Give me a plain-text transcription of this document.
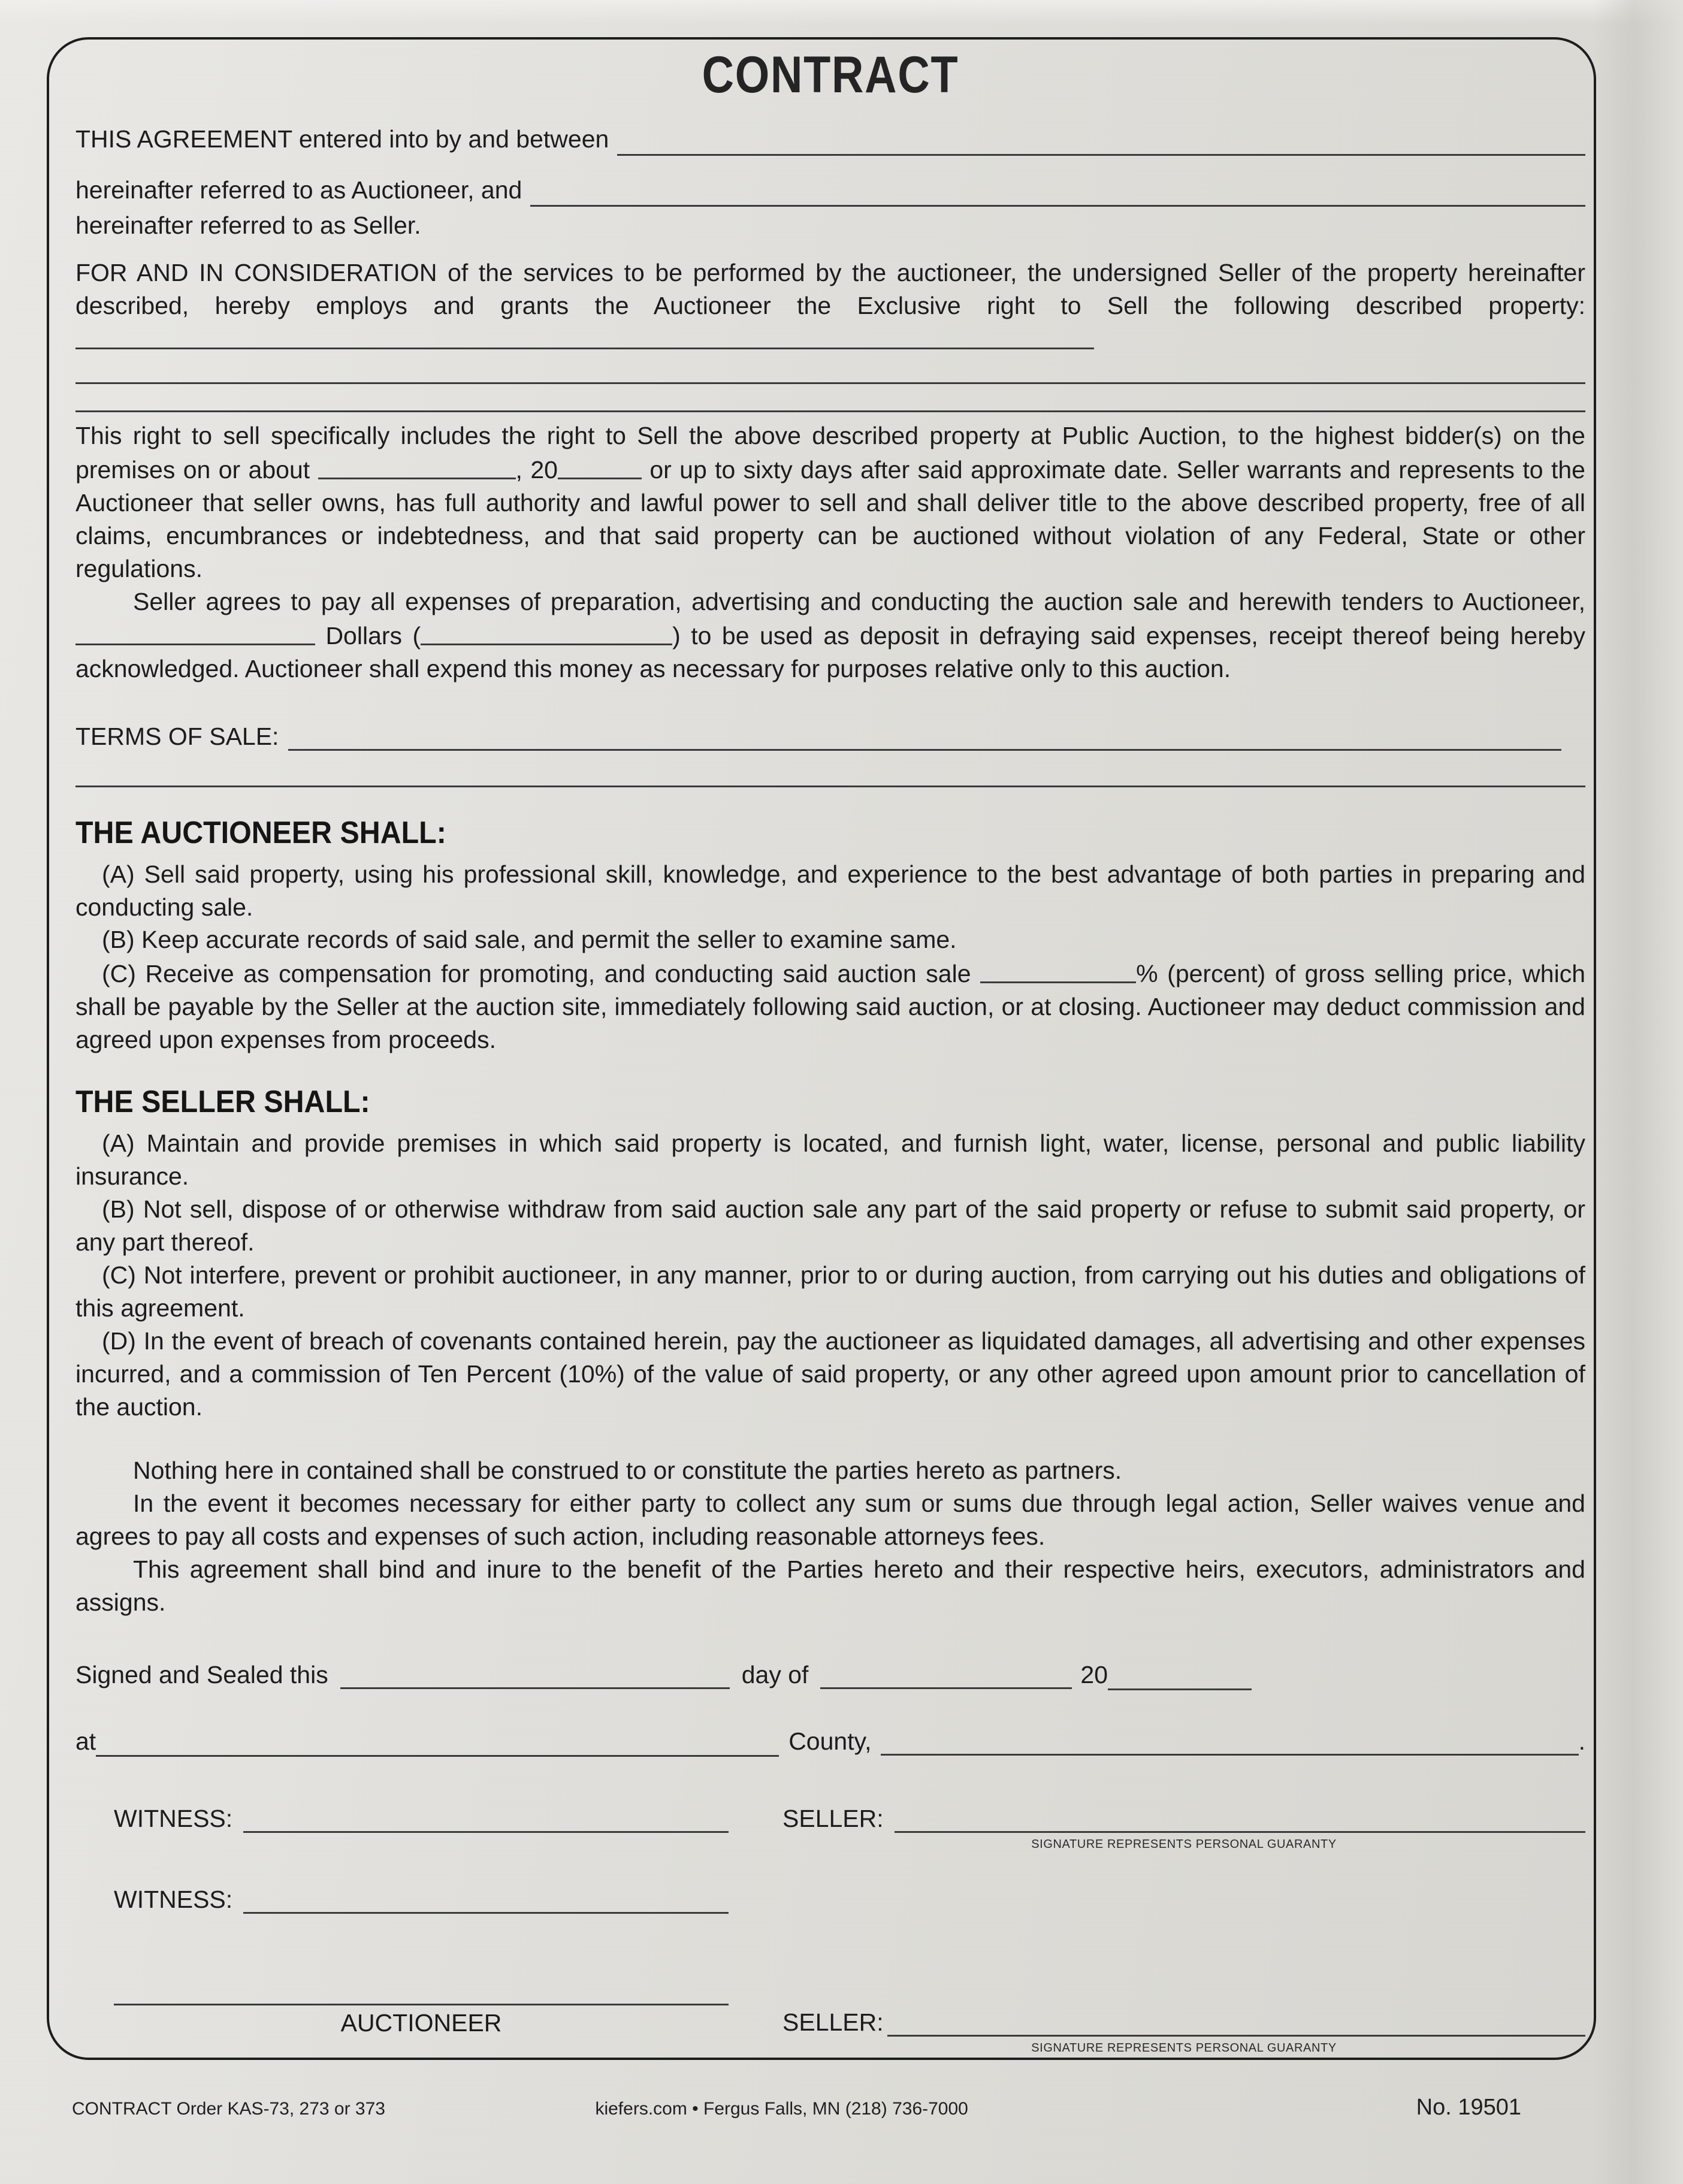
CONTRACT
THIS AGREEMENT entered into by and between
hereinafter referred to as Auctioneer, and
hereinafter referred to as Seller.
FOR AND IN CONSIDERATION of the services to be performed by the auctioneer, the undersigned Seller of the property hereinafter described, hereby employs and grants the Auctioneer the Exclusive right to Sell the following described property:
This right to sell specifically includes the right to Sell the above described property at Public Auction, to the highest bidder(s) on the premises on or about	, 20	or up to sixty days after said approximate date. Seller warrants and represents to the Auctioneer that seller owns, has full authority and lawful power to sell and shall deliver title to the above described property, free of all claims, encumbrances or indebtedness, and that said property can be auctioned without violation of any Federal, State or other regulations.
Seller agrees to pay all expenses of preparation, advertising and conducting the auction sale and herewith tenders to Auctioneer,  Dollars (	) to be used as deposit in defraying said expenses, receipt thereof being hereby acknowledged. Auctioneer shall expend this money as necessary for purposes relative only to this auction.
TERMS OF SALE:
THE AUCTIONEER SHALL:
(A) Sell said property, using his professional skill, knowledge, and experience to the best advantage of both parties in preparing and conducting sale.
(B) Keep accurate records of said sale, and permit the seller to examine same.
(C) Receive as compensation for promoting, and conducting said auction sale	% (percent) of gross selling price, which shall be payable by the Seller at the auction site, immediately following said auction, or at closing. Auctioneer may deduct commission and agreed upon expenses from proceeds.
THE SELLER SHALL:
(A) Maintain and provide premises in which said property is located, and furnish light, water, license, personal and public liability insurance.
(B) Not sell, dispose of or otherwise withdraw from said auction sale any part of the said property or refuse to submit said property, or any part thereof.
(C) Not interfere, prevent or prohibit auctioneer, in any manner, prior to or during auction, from carrying out his duties and obligations of this agreement.
(D) In the event of breach of covenants contained herein, pay the auctioneer as liquidated damages, all advertising and other expenses incurred, and a commission of Ten Percent (10%) of the value of said property, or any other agreed upon amount prior to cancellation of the auction.
Nothing here in contained shall be construed to or constitute the parties hereto as partners.
In the event it becomes necessary for either party to collect any sum or sums due through legal action, Seller waives venue and agrees to pay all costs and expenses of such action, including reasonable attorneys fees.
This agreement shall bind and inure to the benefit of the Parties hereto and their respective heirs, executors, administrators and assigns.
Signed and Sealed this	day of	20
at	County,	.
WITNESS:
WITNESS:
AUCTIONEER
SELLER:
SIGNATURE REPRESENTS PERSONAL GUARANTY
SELLER:
SIGNATURE REPRESENTS PERSONAL GUARANTY
CONTRACT Order KAS-73, 273 or 373	kiefers.com • Fergus Falls, MN (218) 736-7000	No. 19501
